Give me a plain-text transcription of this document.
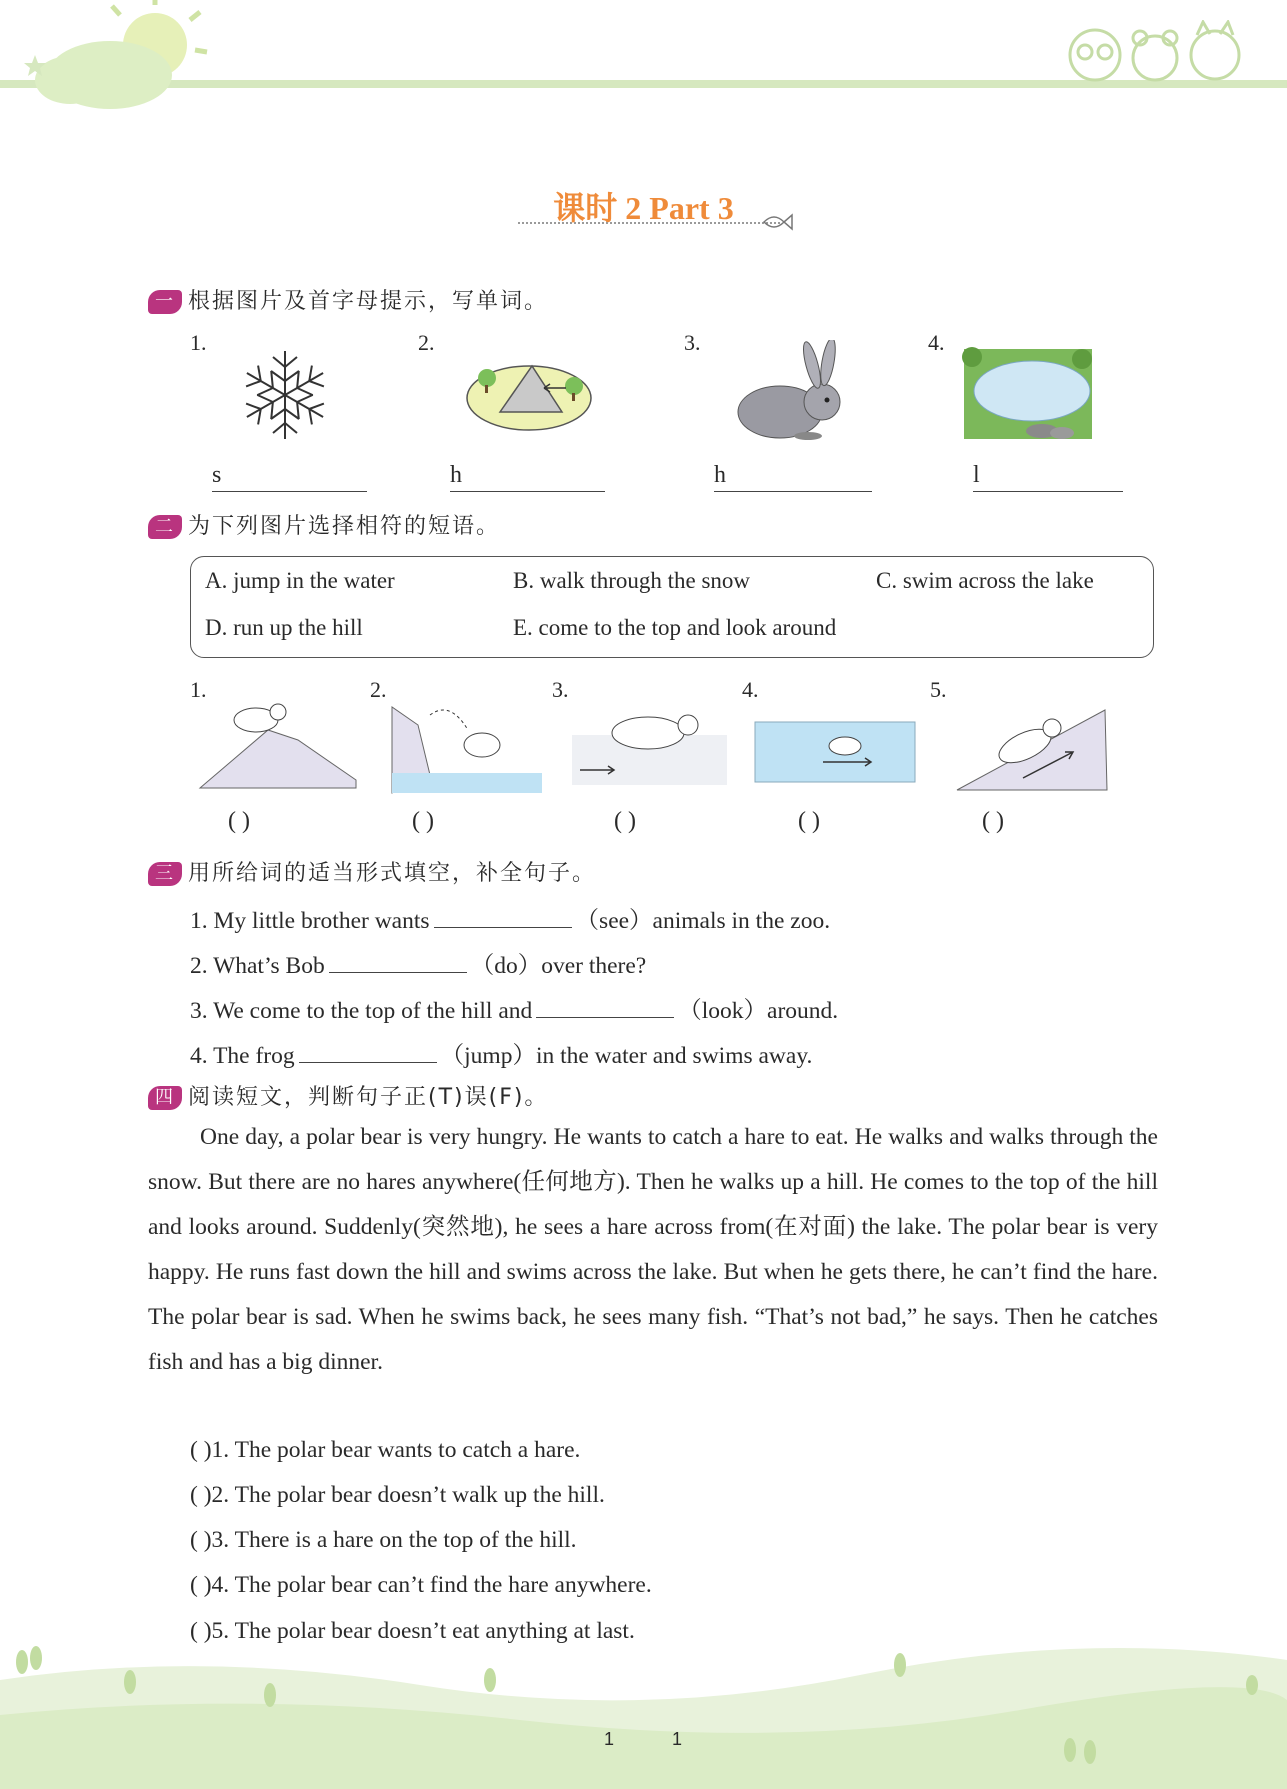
课时 2 Part 3
一 根据图片及首字母提示，写单词。
1.
s
2.
h
3.
h
4.
l
二 为下列图片选择相符的短语。
A. jump in the water	B. walk through the snow	C. swim across the lake
D. run up the hill	E. come to the top and look around
1.
( )
2.
( )
3.
( )
4.
( )
5.
( )
三 用所给词的适当形式填空，补全句子。
1. My little brother wants	（see）animals in the zoo.
2. What’s Bob	（do）over there?
3. We come to the top of the hill and	（look）around.
4. The frog	（jump）in the water and swims away.
四 阅读短文，判断句子正(T)误(F)。
One day, a polar bear is very hungry. He wants to catch a hare to eat. He walks and walks through the snow. But there are no hares anywhere(任何地方). Then he walks up a hill. He comes to the top of the hill and looks around. Suddenly(突然地), he sees a hare across from(在对面) the lake. The polar bear is very happy. He runs fast down the hill and swims across the lake. But when he gets there, he can’t find the hare. The polar bear is sad. When he swims back, he sees many fish. “That’s not bad,” he says. Then he catches fish and has a big dinner.
( )1. The polar bear wants to catch a hare.
( )2. The polar bear doesn’t walk up the hill.
( )3. There is a hare on the top of the hill.
( )4. The polar bear can’t find the hare anywhere.
( )5. The polar bear doesn’t eat anything at last.
1	1
